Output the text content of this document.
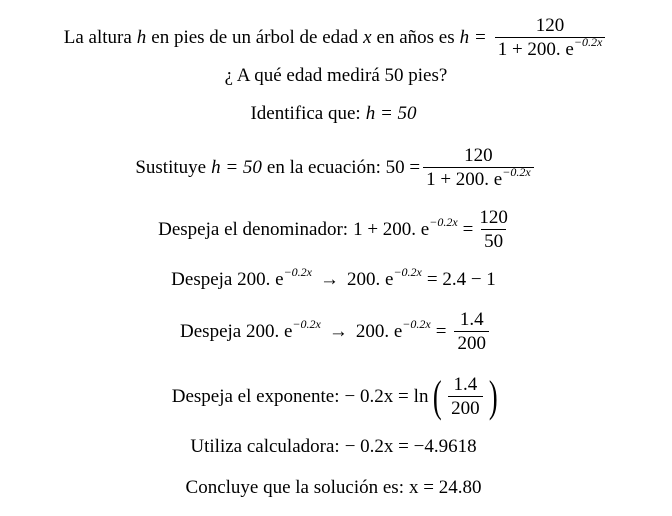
La altura h en pies de un árbol de edad x en años es $h = \frac{120}{1 + 200. e^{-0.2x}}$
¿ A qué edad medirá 50 pies?
Identifica que: h = 50
Sustituye h = 50 en la ecuación: $50 = \frac{120}{1 + 200. e^{-0.2x}}$
Despeja el denominador: 1 + 200. $e^{-0.2x} = \frac{120}{50}$
Despeja 200. $e^{-0.2x} \to 200$. $e^{-0.2x} = 2.4 - 1$
Despeja 200. $e^{-0.2x} \to 200$. $e^{-0.2x} = \frac{1.4}{200}$
Despeja el exponente: − 0.2x = ln ( $\frac{1.4}{200}$ )
Utiliza calculadora: − 0.2x = −4.9618
Concluye que la solución es: x = 24.80
